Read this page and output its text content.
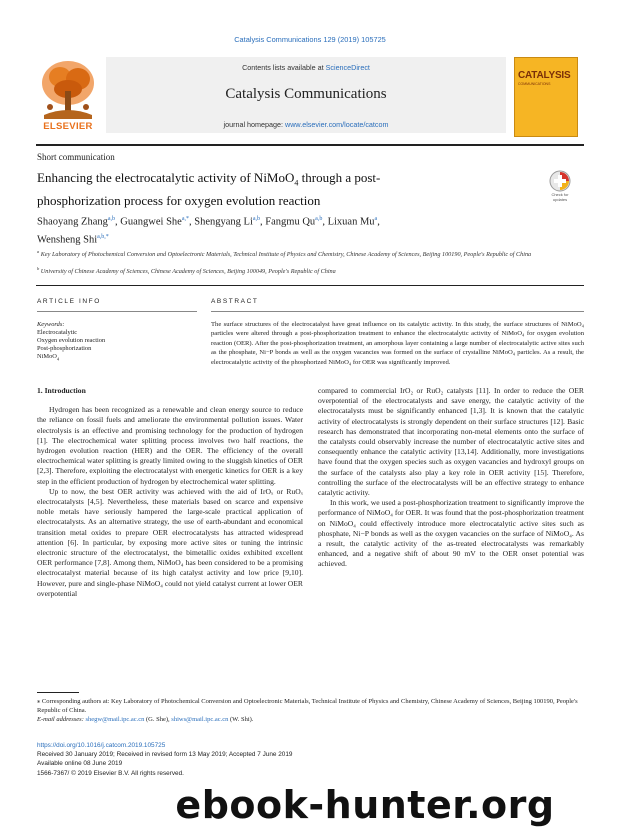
Catalysis Communications 129 (2019) 105725
ELSEVIER
Contents lists available at ScienceDirect
Catalysis Communications
journal homepage: www.elsevier.com/locate/catcom
CATALYSIS
COMMUNICATIONS
Short communication
Enhancing the electrocatalytic activity of NiMoO$_4$ through a post-
phosphorization process for oxygen evolution reaction	Check for updates
Shaoyang Zhang$^{a,b}$, Guangwei She$^{a,*}$, Shengyang Li$^{a,b}$, Fangmu Qu$^{a,b}$, Lixuan Mu$^a$,
Wensheng Shi$^{a,b,*}$
$^a$ Key Laboratory of Photochemical Conversion and Optoelectronic Materials, Technical Institute of Physics and Chemistry, Chinese Academy of Sciences, Beijing 100190, People's Republic of China
$^b$ University of Chinese Academy of Sciences, Chinese Academy of Sciences, Beijing 100049, People's Republic of China
ARTICLE INFO	ABSTRACT
Keywords:
Electrocatalytic
Oxygen evolution reaction
Post-phosphorization
NiMoO$_4$
The surface structures of the electrocatalyst have great influence on its catalytic activity. In this study, the surface structures of NiMoO₄ particles were altered through a post-phosphorization treatment to enhance the electrocatalytic activity of NiMoO₄ for oxygen evolution reaction (OER). After the post-phosphorization treatment, an amorphous layer containing a large number of electrocatalytic active sites such as the phosphate, Ni−P bonds as well as the oxygen vacancies was formed on the surface of crystalline NiMoO₄ particles. As a result, the electrocatalytic activity of the phosphorized NiMoO₄ for OER was significantly improved.
1. Introduction

Hydrogen has been recognized as a renewable and clean energy source to reduce the reliance on fossil fuels and ameliorate the environmental pollution issues. Water electrolysis is an effective and promising technology for the production of hydrogen [1]. The electrochemical water splitting process involves two half reactions, the hydrogen evolution reaction (HER) and the OER. The efficiency of the overall electrochemical water splitting is greatly limited owing to the sluggish kinetics of OER [2,3]. Therefore, exploiting the electrocatalyst with energetic kinetics for OER is a key step in the efficient production of hydrogen by electrochemical water splitting.

Up to now, the best OER activity was achieved with the aid of IrOₓ or RuOₓ electrocatalysts [4,5]. Nevertheless, these materials based on scarce and expensive noble metals have seriously hampered the large-scale practical application of electrocatalysts. As an alternative strategy, the use of earth-abundant and economical transition metal oxides to prepare OER electrocatalysts has attracted widespread attention [6]. In particular, by exposing more active sites or tuning the intrinsic electronic structure of the electrocatalyst, the bimetallic oxides exhibited excellent OER performance [7,8]. Among them, NiMoO₄ has been considered to be a promising electrocatalyst material because of its high catalyst activity and low price [9,10]. However, pure and single-phase NiMoO₄ could not yield catalyst current at lower OER overpotential

compared to commercial IrO₂ or RuO₂ catalysts [11]. In order to reduce the OER overpotential of the electrocatalysts and save energy, the catalytic activity of the electrocatalysts must be significantly enhanced [1,3]. It is known that the catalytic activity of electrocatalysts is strongly dependent on their surface structures [12]. Basic research has demonstrated that incorporating non-metal elements onto the surface of the catalysts could observably increase the number of electrocatalytic active sites and consequently enhance the catalytic activity [13,14]. Additionally, more investigations have found that the oxygen species such as oxygen vacancies and hydroxyl groups on the surface of the catalysts also play a key role in OER activity [15]. Therefore, controlling the surface of the electrocatalysts will be an effective strategy to enhance catalytic activity.

In this work, we used a post-phosphorization treatment to significantly improve the performance of NiMoO₄ for OER. It was found that the post-phosphorization treatment on NiMoO₄ could effectively introduce more electrocatalytic active sites such as phosphate, Ni−P bonds as well as the oxygen vacancies on the surface of NiMoO₄. As a result, the catalytic activity of the as-treated electrocatalysts was remarkably enhanced, and a negative shift of about 90 mV to the OER onset potential was achieved.

⁎ Corresponding authors at: Key Laboratory of Photochemical Conversion and Optoelectronic Materials, Technical Institute of Physics and Chemistry, Chinese Academy of Sciences, Beijing 100190, People's Republic of China.
E-mail addresses: shegw@mail.ipc.ac.cn (G. She), shiws@mail.ipc.ac.cn (W. Shi).
https://doi.org/10.1016/j.catcom.2019.105725
Received 30 January 2019; Received in revised form 13 May 2019; Accepted 7 June 2019
Available online 08 June 2019
1566-7367/ © 2019 Elsevier B.V. All rights reserved.
ebook-hunter.org
